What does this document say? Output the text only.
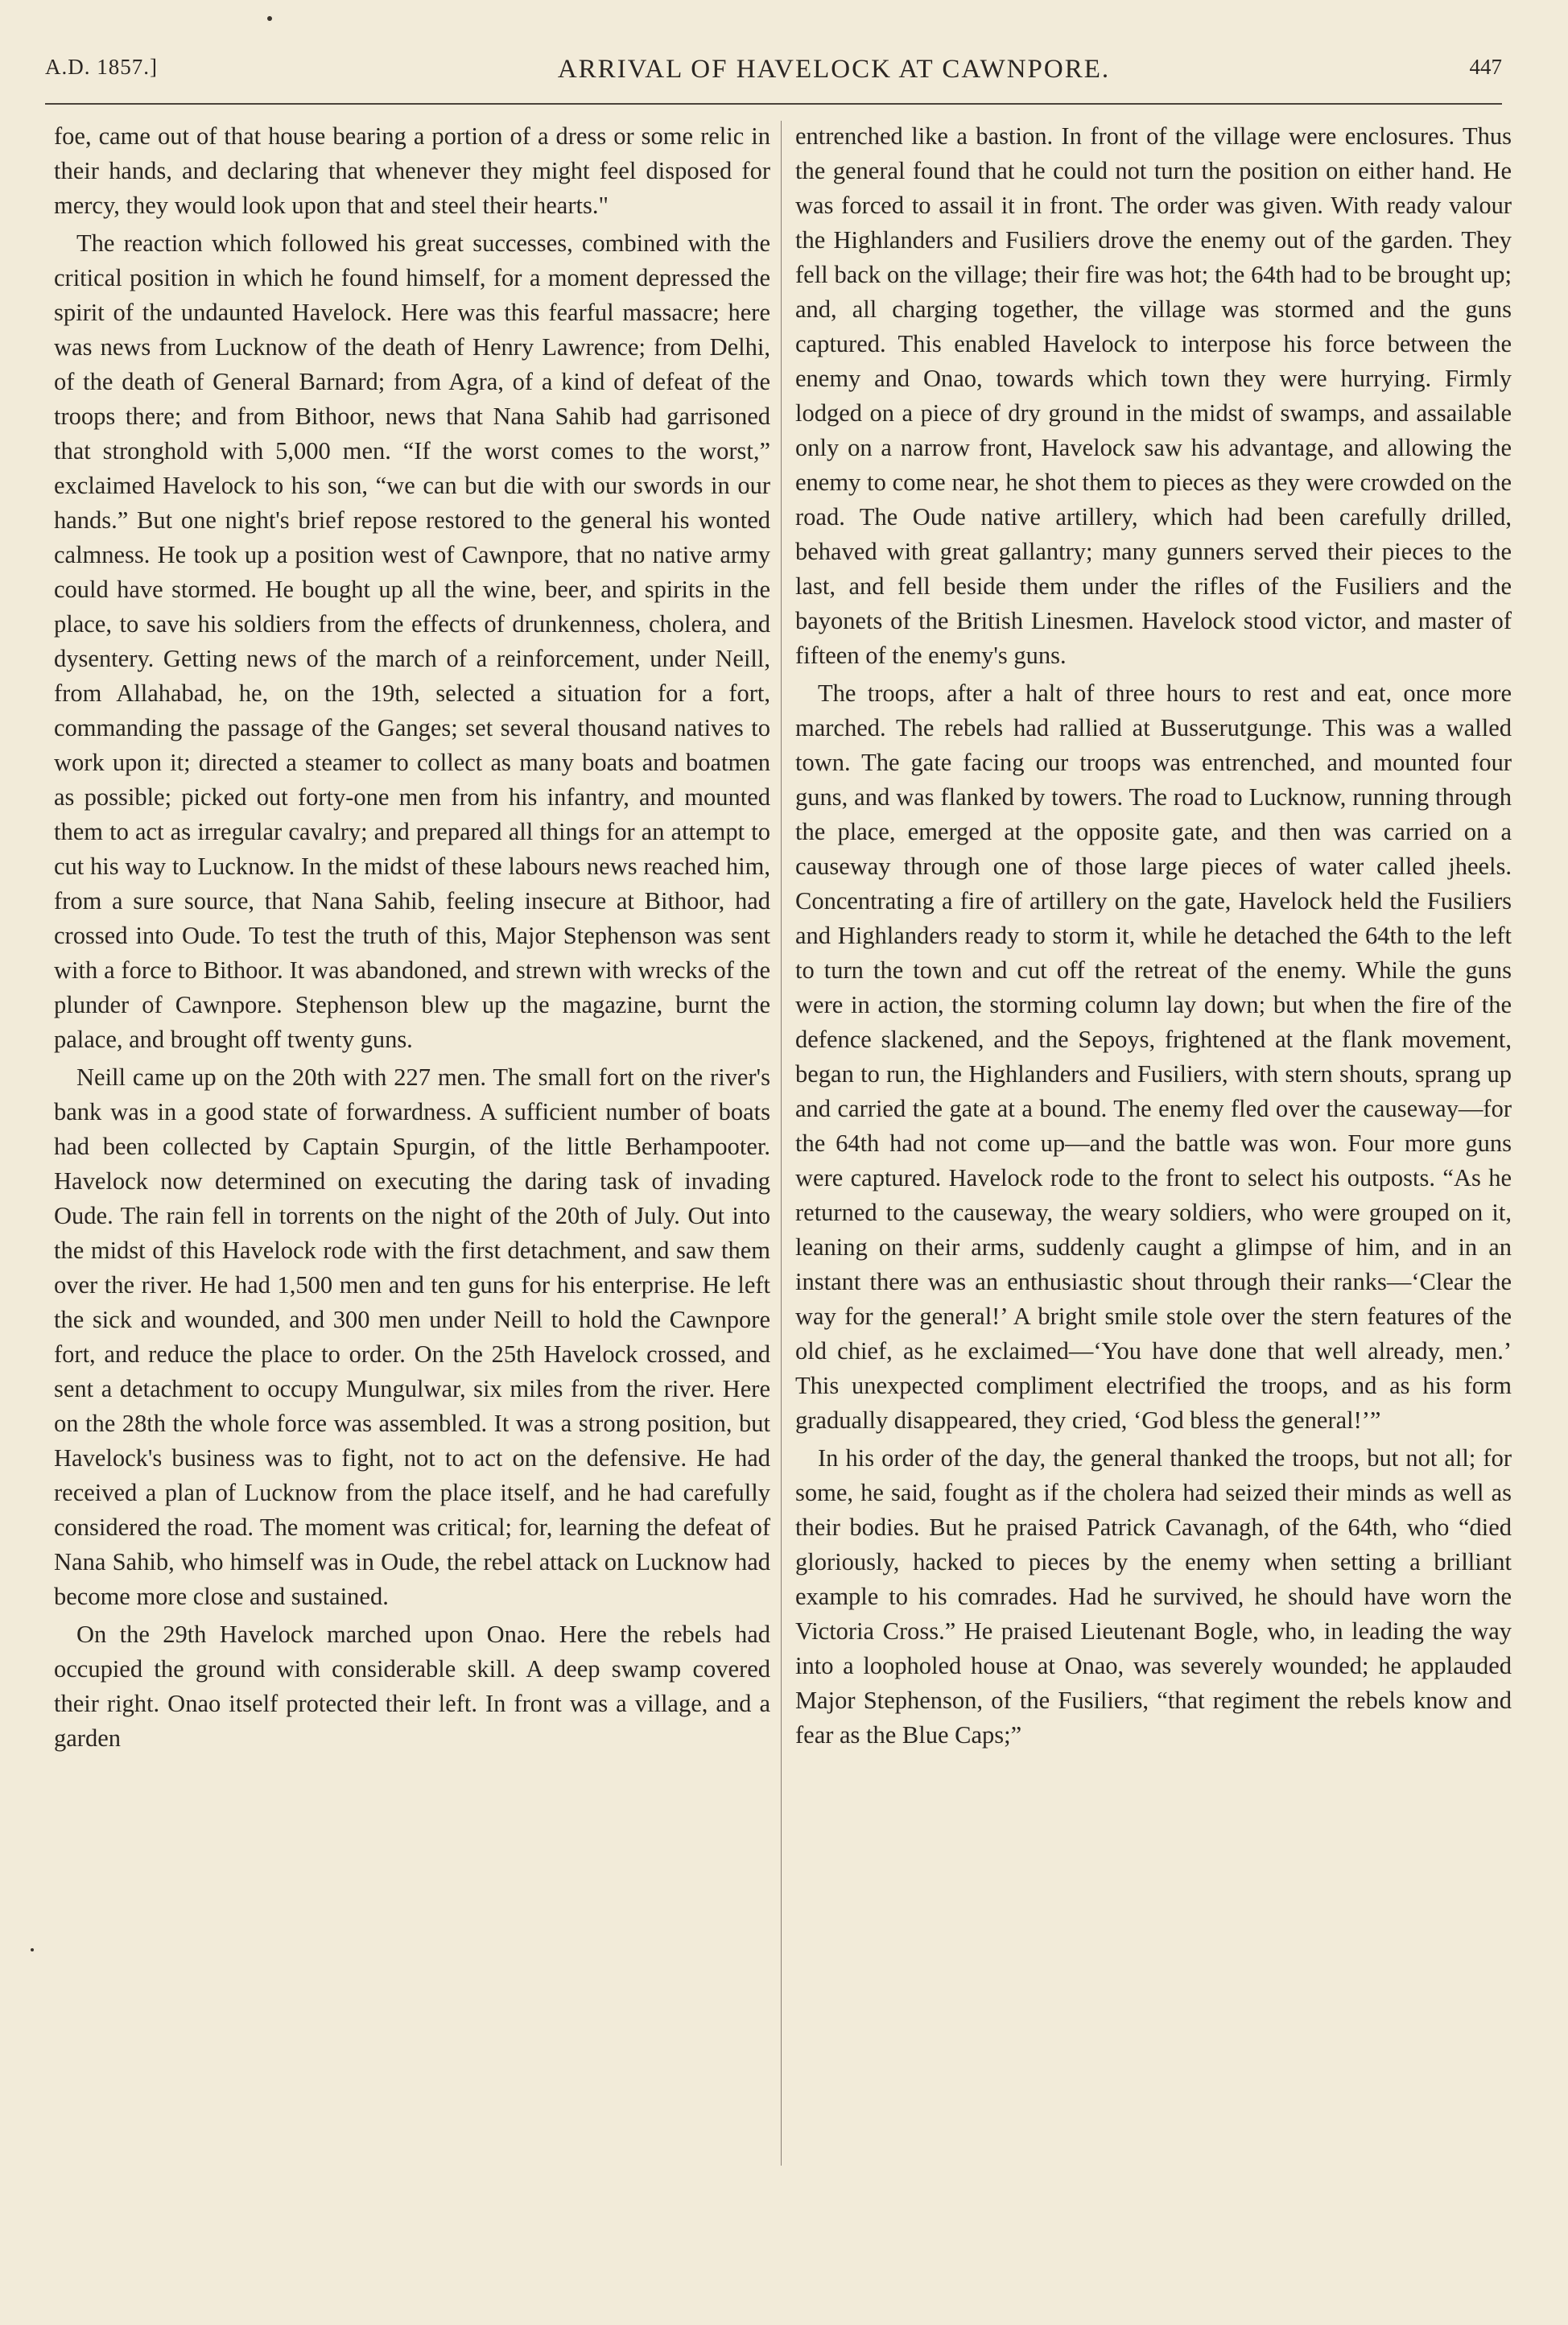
A.D. 1857.]	ARRIVAL OF HAVELOCK AT CAWNPORE.	447

foe, came out of that house bearing a portion of a dress or some relic in their hands, and declaring that whenever they might feel disposed for mercy, they would look upon that and steel their hearts."

The reaction which followed his great successes, combined with the critical position in which he found himself, for a moment depressed the spirit of the undaunted Havelock. Here was this fearful massacre; here was news from Lucknow of the death of Henry Lawrence; from Delhi, of the death of General Barnard; from Agra, of a kind of defeat of the troops there; and from Bithoor, news that Nana Sahib had garrisoned that stronghold with 5,000 men. “If the worst comes to the worst,” exclaimed Havelock to his son, “we can but die with our swords in our hands.” But one night's brief repose restored to the general his wonted calmness. He took up a position west of Cawnpore, that no native army could have stormed. He bought up all the wine, beer, and spirits in the place, to save his soldiers from the effects of drunkenness, cholera, and dysentery. Getting news of the march of a reinforcement, under Neill, from Allahabad, he, on the 19th, selected a situation for a fort, commanding the passage of the Ganges; set several thousand natives to work upon it; directed a steamer to collect as many boats and boatmen as possible; picked out forty-one men from his infantry, and mounted them to act as irregular cavalry; and prepared all things for an attempt to cut his way to Lucknow. In the midst of these labours news reached him, from a sure source, that Nana Sahib, feeling insecure at Bithoor, had crossed into Oude. To test the truth of this, Major Stephenson was sent with a force to Bithoor. It was abandoned, and strewn with wrecks of the plunder of Cawnpore. Stephenson blew up the magazine, burnt the palace, and brought off twenty guns.

Neill came up on the 20th with 227 men. The small fort on the river's bank was in a good state of forwardness. A sufficient number of boats had been collected by Captain Spurgin, of the little Berhampooter. Havelock now determined on executing the daring task of invading Oude. The rain fell in torrents on the night of the 20th of July. Out into the midst of this Havelock rode with the first detachment, and saw them over the river. He had 1,500 men and ten guns for his enterprise. He left the sick and wounded, and 300 men under Neill to hold the Cawnpore fort, and reduce the place to order. On the 25th Havelock crossed, and sent a detachment to occupy Mungulwar, six miles from the river. Here on the 28th the whole force was assembled. It was a strong position, but Havelock's business was to fight, not to act on the defensive. He had received a plan of Lucknow from the place itself, and he had carefully considered the road. The moment was critical; for, learning the defeat of Nana Sahib, who himself was in Oude, the rebel attack on Lucknow had become more close and sustained.

On the 29th Havelock marched upon Onao. Here the rebels had occupied the ground with considerable skill. A deep swamp covered their right. Onao itself protected their left. In front was a village, and a garden

entrenched like a bastion. In front of the village were enclosures. Thus the general found that he could not turn the position on either hand. He was forced to assail it in front. The order was given. With ready valour the Highlanders and Fusiliers drove the enemy out of the garden. They fell back on the village; their fire was hot; the 64th had to be brought up; and, all charging together, the village was stormed and the guns captured. This enabled Havelock to interpose his force between the enemy and Onao, towards which town they were hurrying. Firmly lodged on a piece of dry ground in the midst of swamps, and assailable only on a narrow front, Havelock saw his advantage, and allowing the enemy to come near, he shot them to pieces as they were crowded on the road. The Oude native artillery, which had been carefully drilled, behaved with great gallantry; many gunners served their pieces to the last, and fell beside them under the rifles of the Fusiliers and the bayonets of the British Linesmen. Havelock stood victor, and master of fifteen of the enemy's guns.

The troops, after a halt of three hours to rest and eat, once more marched. The rebels had rallied at Busserutgunge. This was a walled town. The gate facing our troops was entrenched, and mounted four guns, and was flanked by towers. The road to Lucknow, running through the place, emerged at the opposite gate, and then was carried on a causeway through one of those large pieces of water called jheels. Concentrating a fire of artillery on the gate, Havelock held the Fusiliers and Highlanders ready to storm it, while he detached the 64th to the left to turn the town and cut off the retreat of the enemy. While the guns were in action, the storming column lay down; but when the fire of the defence slackened, and the Sepoys, frightened at the flank movement, began to run, the Highlanders and Fusiliers, with stern shouts, sprang up and carried the gate at a bound. The enemy fled over the causeway—for the 64th had not come up—and the battle was won. Four more guns were captured. Havelock rode to the front to select his outposts. “As he returned to the causeway, the weary soldiers, who were grouped on it, leaning on their arms, suddenly caught a glimpse of him, and in an instant there was an enthusiastic shout through their ranks—‘Clear the way for the general!’ A bright smile stole over the stern features of the old chief, as he exclaimed—‘You have done that well already, men.’ This unexpected compliment electrified the troops, and as his form gradually disappeared, they cried, ‘God bless the general!’”

In his order of the day, the general thanked the troops, but not all; for some, he said, fought as if the cholera had seized their minds as well as their bodies. But he praised Patrick Cavanagh, of the 64th, who “died gloriously, hacked to pieces by the enemy when setting a brilliant example to his comrades. Had he survived, he should have worn the Victoria Cross.” He praised Lieutenant Bogle, who, in leading the way into a loopholed house at Onao, was severely wounded; he applauded Major Stephenson, of the Fusiliers, “that regiment the rebels know and fear as the Blue Caps;”
